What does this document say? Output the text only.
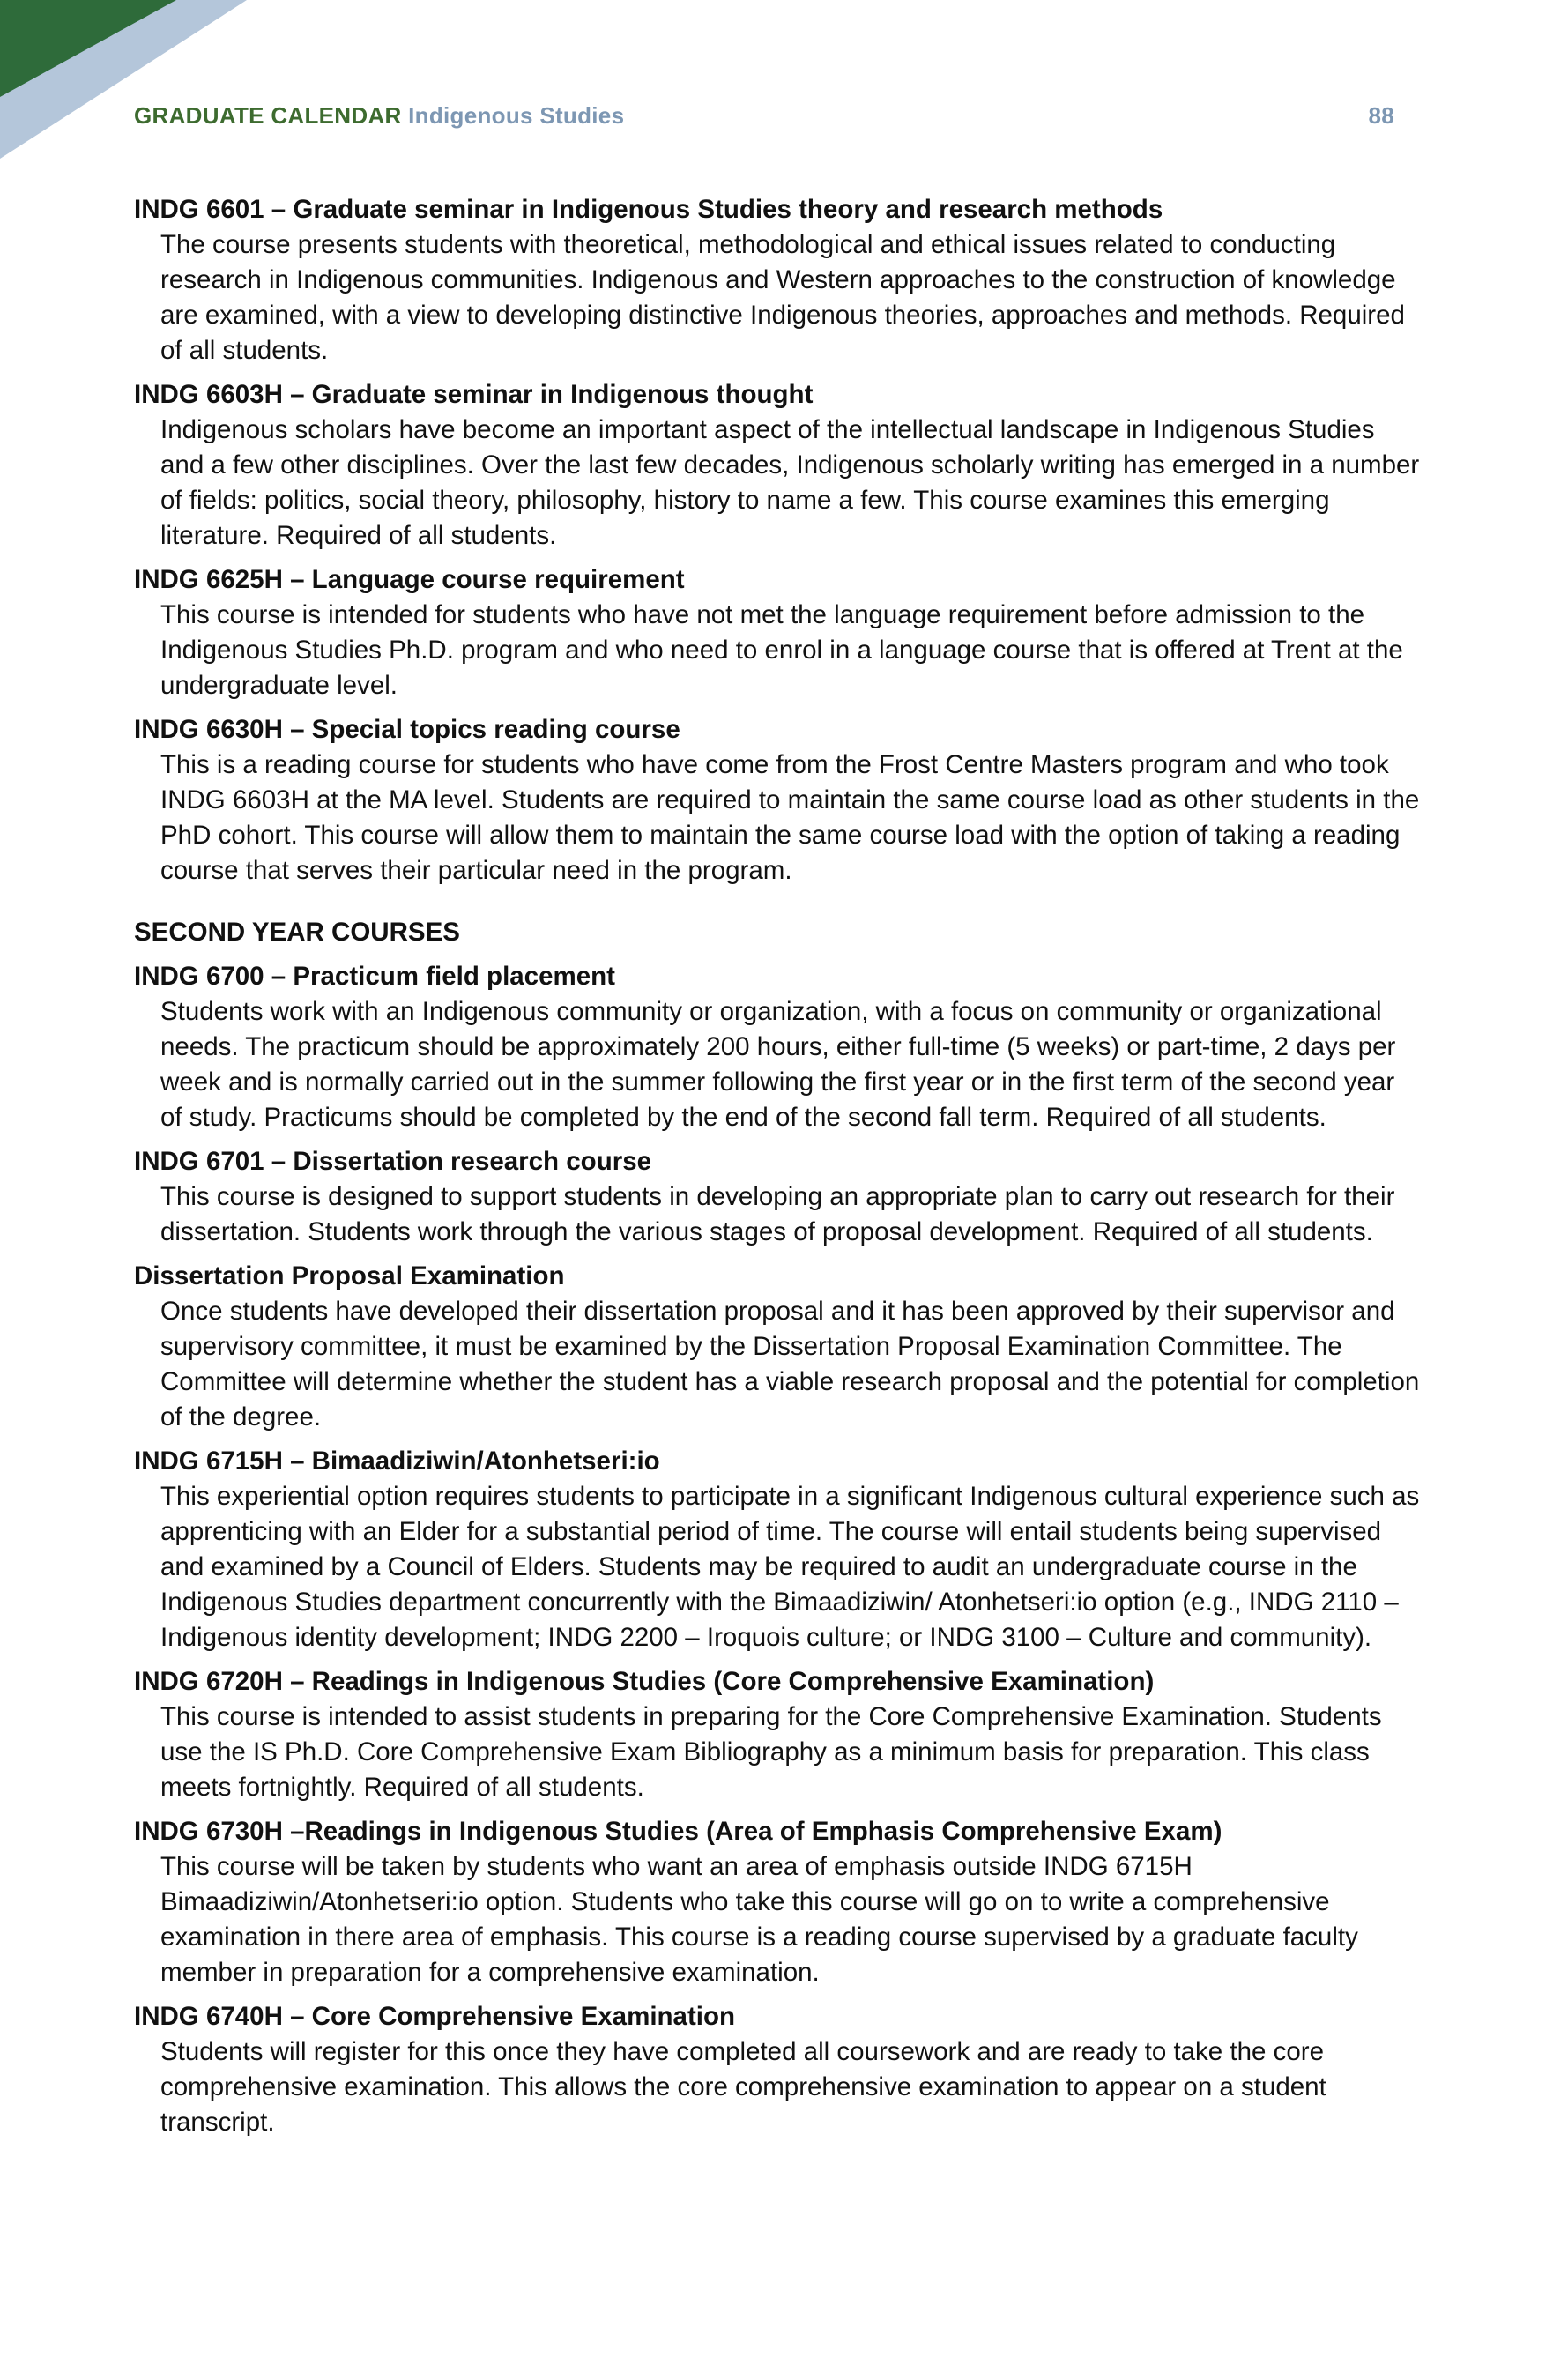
GRADUATE CALENDAR Indigenous Studies	88
INDG 6601 – Graduate seminar in Indigenous Studies theory and research methods
The course presents students with theoretical, methodological and ethical issues related to conducting research in Indigenous communities. Indigenous and Western approaches to the construction of knowledge are examined, with a view to developing distinctive Indigenous theories, approaches and methods. Required of all students.
INDG 6603H – Graduate seminar in Indigenous thought
Indigenous scholars have become an important aspect of the intellectual landscape in Indigenous Studies and a few other disciplines. Over the last few decades, Indigenous scholarly writing has emerged in a number of fields: politics, social theory, philosophy, history to name a few. This course examines this emerging literature. Required of all students.
INDG 6625H – Language course requirement
This course is intended for students who have not met the language requirement before admission to the Indigenous Studies Ph.D. program and who need to enrol in a language course that is offered at Trent at the undergraduate level.
INDG 6630H – Special topics reading course
This is a reading course for students who have come from the Frost Centre Masters program and who took INDG 6603H at the MA level. Students are required to maintain the same course load as other students in the PhD cohort. This course will allow them to maintain the same course load with the option of taking a reading course that serves their particular need in the program.
SECOND YEAR COURSES
INDG 6700 – Practicum field placement
Students work with an Indigenous community or organization, with a focus on community or organizational needs. The practicum should be approximately 200 hours, either full-time (5 weeks) or part-time, 2 days per week and is normally carried out in the summer following the first year or in the first term of the second year of study. Practicums should be completed by the end of the second fall term. Required of all students.
INDG 6701 – Dissertation research course
This course is designed to support students in developing an appropriate plan to carry out research for their dissertation. Students work through the various stages of proposal development. Required of all students.
Dissertation Proposal Examination
Once students have developed their dissertation proposal and it has been approved by their supervisor and supervisory committee, it must be examined by the Dissertation Proposal Examination Committee. The Committee will determine whether the student has a viable research proposal and the potential for completion of the degree.
INDG 6715H – Bimaadiziwin/Atonhetseri:io
This experiential option requires students to participate in a significant Indigenous cultural experience such as apprenticing with an Elder for a substantial period of time. The course will entail students being supervised and examined by a Council of Elders. Students may be required to audit an undergraduate course in the Indigenous Studies department concurrently with the Bimaadiziwin/ Atonhetseri:io option (e.g., INDG 2110 – Indigenous identity development; INDG 2200 – Iroquois culture; or INDG 3100 – Culture and community).
INDG 6720H – Readings in Indigenous Studies (Core Comprehensive Examination)
This course is intended to assist students in preparing for the Core Comprehensive Examination. Students use the IS Ph.D. Core Comprehensive Exam Bibliography as a minimum basis for preparation. This class meets fortnightly. Required of all students.
INDG 6730H –Readings in Indigenous Studies (Area of Emphasis Comprehensive Exam)
This course will be taken by students who want an area of emphasis outside INDG 6715H Bimaadiziwin/Atonhetseri:io option. Students who take this course will go on to write a comprehensive examination in there area of emphasis. This course is a reading course supervised by a graduate faculty member in preparation for a comprehensive examination.
INDG 6740H – Core Comprehensive Examination
Students will register for this once they have completed all coursework and are ready to take the core comprehensive examination. This allows the core comprehensive examination to appear on a student transcript.
